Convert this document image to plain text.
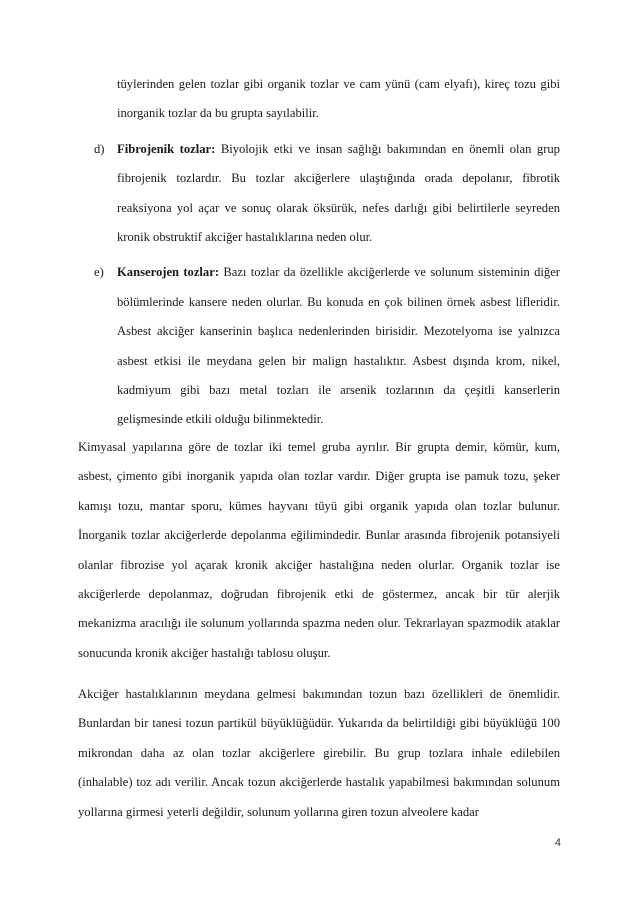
tüylerinden gelen tozlar gibi organik tozlar ve cam yünü (cam elyafı), kireç tozu gibi inorganik tozlar da bu grupta sayılabilir.

d) Fibrojenik tozlar: Biyolojik etki ve insan sağlığı bakımından en önemli olan grup fibrojenik tozlardır. Bu tozlar akciğerlere ulaştığında orada depolanır, fibrotik reaksiyona yol açar ve sonuç olarak öksürük, nefes darlığı gibi belirtilerle seyreden kronik obstruktif akciğer hastalıklarına neden olur.

e) Kanserojen tozlar: Bazı tozlar da özellikle akciğerlerde ve solunum sisteminin diğer bölümlerinde kansere neden olurlar. Bu konuda en çok bilinen örnek asbest lifleridir. Asbest akciğer kanserinin başlıca nedenlerinden birisidir. Mezotelyoma ise yalnızca asbest etkisi ile meydana gelen bir malign hastalıktır. Asbest dışında krom, nikel, kadmiyum gibi bazı metal tozları ile arsenik tozlarının da çeşitli kanserlerin gelişmesinde etkili olduğu bilinmektedir.

Kimyasal yapılarına göre de tozlar iki temel gruba ayrılır. Bir grupta demir, kömür, kum, asbest, çimento gibi inorganik yapıda olan tozlar vardır. Diğer grupta ise pamuk tozu, şeker kamışı tozu, mantar sporu, kümes hayvanı tüyü gibi organik yapıda olan tozlar bulunur. İnorganik tozlar akciğerlerde depolanma eğilimindedir. Bunlar arasında fibrojenik potansiyeli olanlar fibrozise yol açarak kronik akciğer hastalığına neden olurlar. Organik tozlar ise akciğerlerde depolanmaz, doğrudan fibrojenik etki de göstermez, ancak bir tür alerjik mekanizma aracılığı ile solunum yollarında spazma neden olur. Tekrarlayan spazmodik ataklar sonucunda kronik akciğer hastalığı tablosu oluşur.

Akciğer hastalıklarının meydana gelmesi bakımından tozun bazı özellikleri de önemlidir. Bunlardan bir tanesi tozun partikül büyüklüğüdür. Yukarıda da belirtildiği gibi büyüklüğü 100 mikrondan daha az olan tozlar akciğerlere girebilir. Bu grup tozlara inhale edilebilen (inhalable) toz adı verilir. Ancak tozun akciğerlerde hastalık yapabilmesi bakımından solunum yollarına girmesi yeterli değildir, solunum yollarına giren tozun alveolere kadar

4
